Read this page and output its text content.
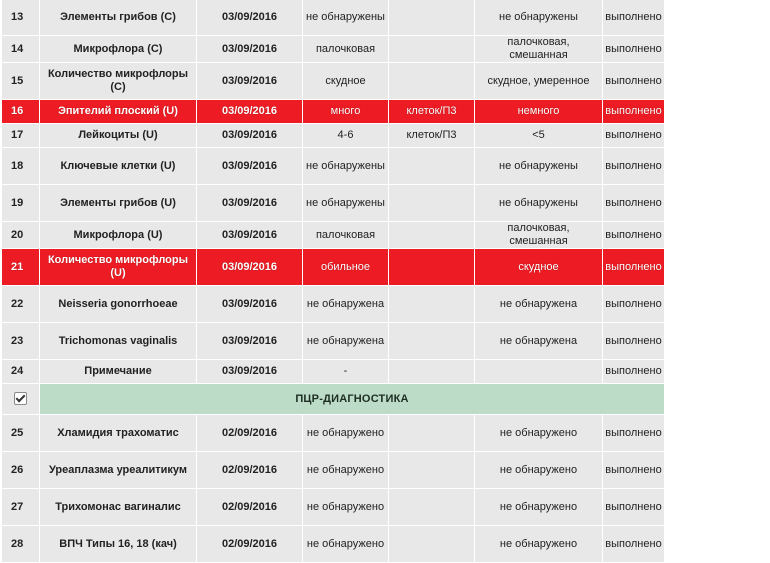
13	Элементы грибов (С)	03/09/2016	не обнаружены		не обнаружены	выполнено
14	Микрофлора (С)	03/09/2016	палочковая		палочковая, смешанная	выполнено
15	Количество микрофлоры (С)	03/09/2016	скудное		скудное, умеренное	выполнено
16	Эпителий плоский (U)	03/09/2016	много	клеток/П3	немного	выполнено
17	Лейкоциты (U)	03/09/2016	4-6	клеток/П3	<5	выполнено
18	Ключевые клетки (U)	03/09/2016	не обнаружены		не обнаружены	выполнено
19	Элементы грибов (U)	03/09/2016	не обнаружены		не обнаружены	выполнено
20	Микрофлора (U)	03/09/2016	палочковая		палочковая, смешанная	выполнено
21	Количество микрофлоры (U)	03/09/2016	обильное		скудное	выполнено
22	Neisseria gonorrhoeae	03/09/2016	не обнаружена		не обнаружена	выполнено
23	Trichomonas vaginalis	03/09/2016	не обнаружена		не обнаружена	выполнено
24	Примечание	03/09/2016	-			выполнено
	ПЦР-ДИАГНОСТИКА					
25	Хламидия трахоматис	02/09/2016	не обнаружено		не обнаружено	выполнено
26	Уреаплазма уреалитикум	02/09/2016	не обнаружено		не обнаружено	выполнено
27	Трихомонас вагиналис	02/09/2016	не обнаружено		не обнаружено	выполнено
28	ВПЧ Типы 16, 18 (кач)	02/09/2016	не обнаружено		не обнаружено	выполнено
